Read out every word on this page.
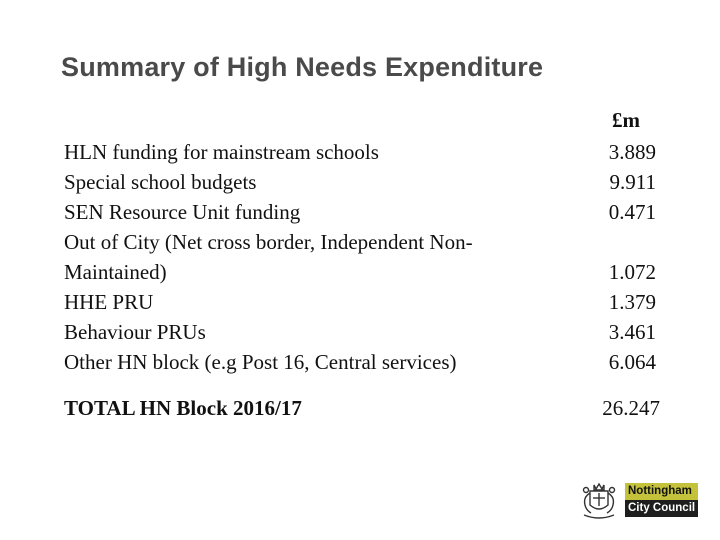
Summary of High Needs Expenditure
£m
HLN funding for mainstream schools
Special school budgets
SEN Resource Unit funding
Out of City (Net cross border, Independent Non-
Maintained)
HHE PRU
Behaviour PRUs
Other HN block (e.g Post 16, Central services)
3.889
9.911
0.471
1.072
1.379
3.461
6.064
TOTAL HN Block 2016/17	26.247
Nottingham
City Council
